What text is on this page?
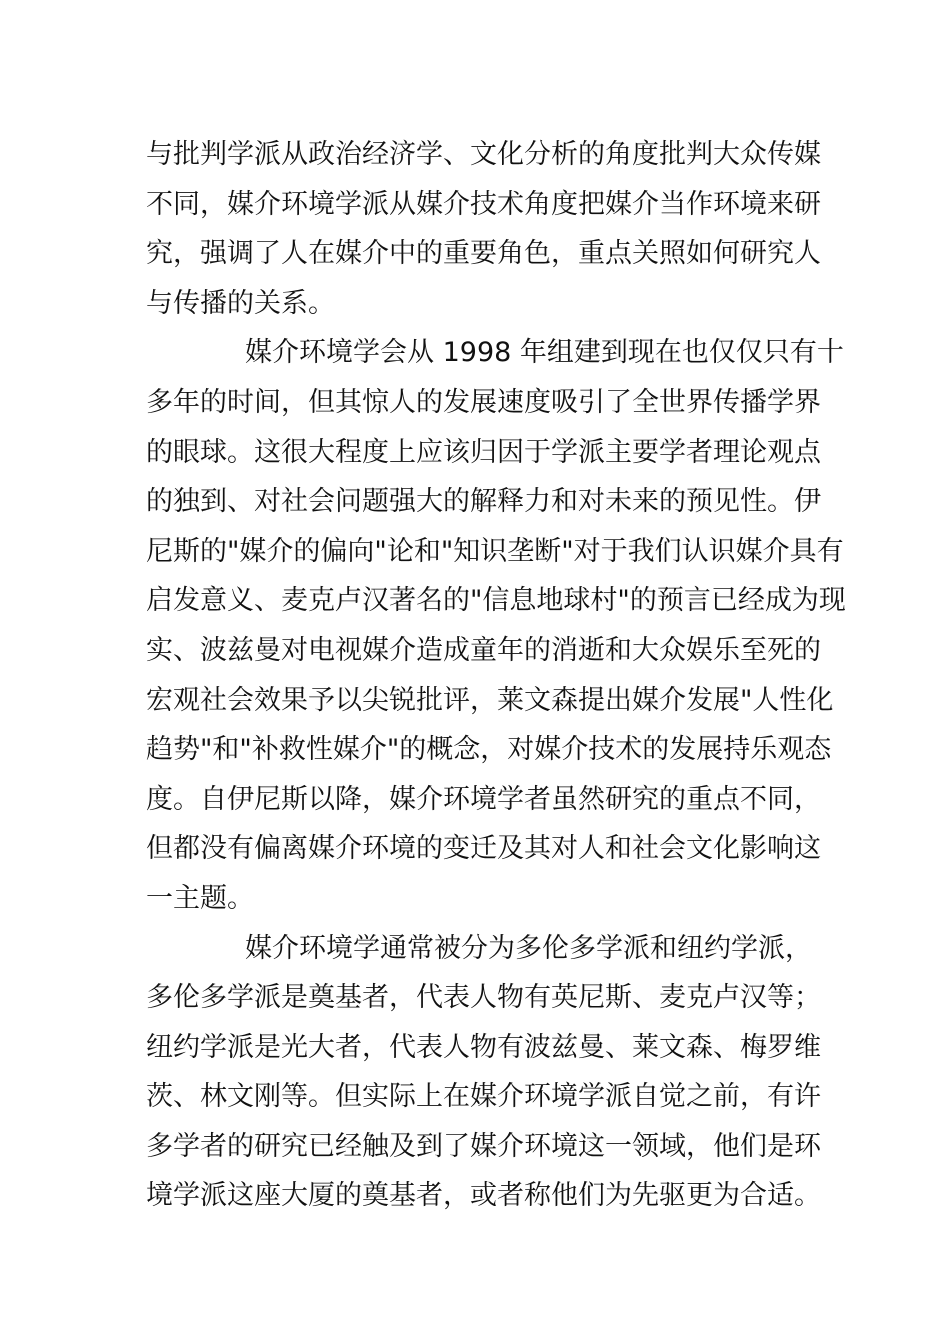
与批判学派从政治经济学、文化分析的角度批判大众传媒
不同，媒介环境学派从媒介技术角度把媒介当作环境来研
究，强调了人在媒介中的重要角色，重点关照如何研究人
与传播的关系。
媒介环境学会从 1998 年组建到现在也仅仅只有十
多年的时间，但其惊人的发展速度吸引了全世界传播学界
的眼球。这很大程度上应该归因于学派主要学者理论观点
的独到、对社会问题强大的解释力和对未来的预见性。伊
尼斯的"媒介的偏向"论和"知识垄断"对于我们认识媒介具有
启发意义、麦克卢汉著名的"信息地球村"的预言已经成为现
实、波兹曼对电视媒介造成童年的消逝和大众娱乐至死的
宏观社会效果予以尖锐批评，莱文森提出媒介发展"人性化
趋势"和"补救性媒介"的概念，对媒介技术的发展持乐观态
度。自伊尼斯以降，媒介环境学者虽然研究的重点不同，
但都没有偏离媒介环境的变迁及其对人和社会文化影响这
一主题。
媒介环境学通常被分为多伦多学派和纽约学派，
多伦多学派是奠基者，代表人物有英尼斯、麦克卢汉等；
纽约学派是光大者，代表人物有波兹曼、莱文森、梅罗维
茨、林文刚等。但实际上在媒介环境学派自觉之前，有许
多学者的研究已经触及到了媒介环境这一领域，他们是环
境学派这座大厦的奠基者，或者称他们为先驱更为合适。
